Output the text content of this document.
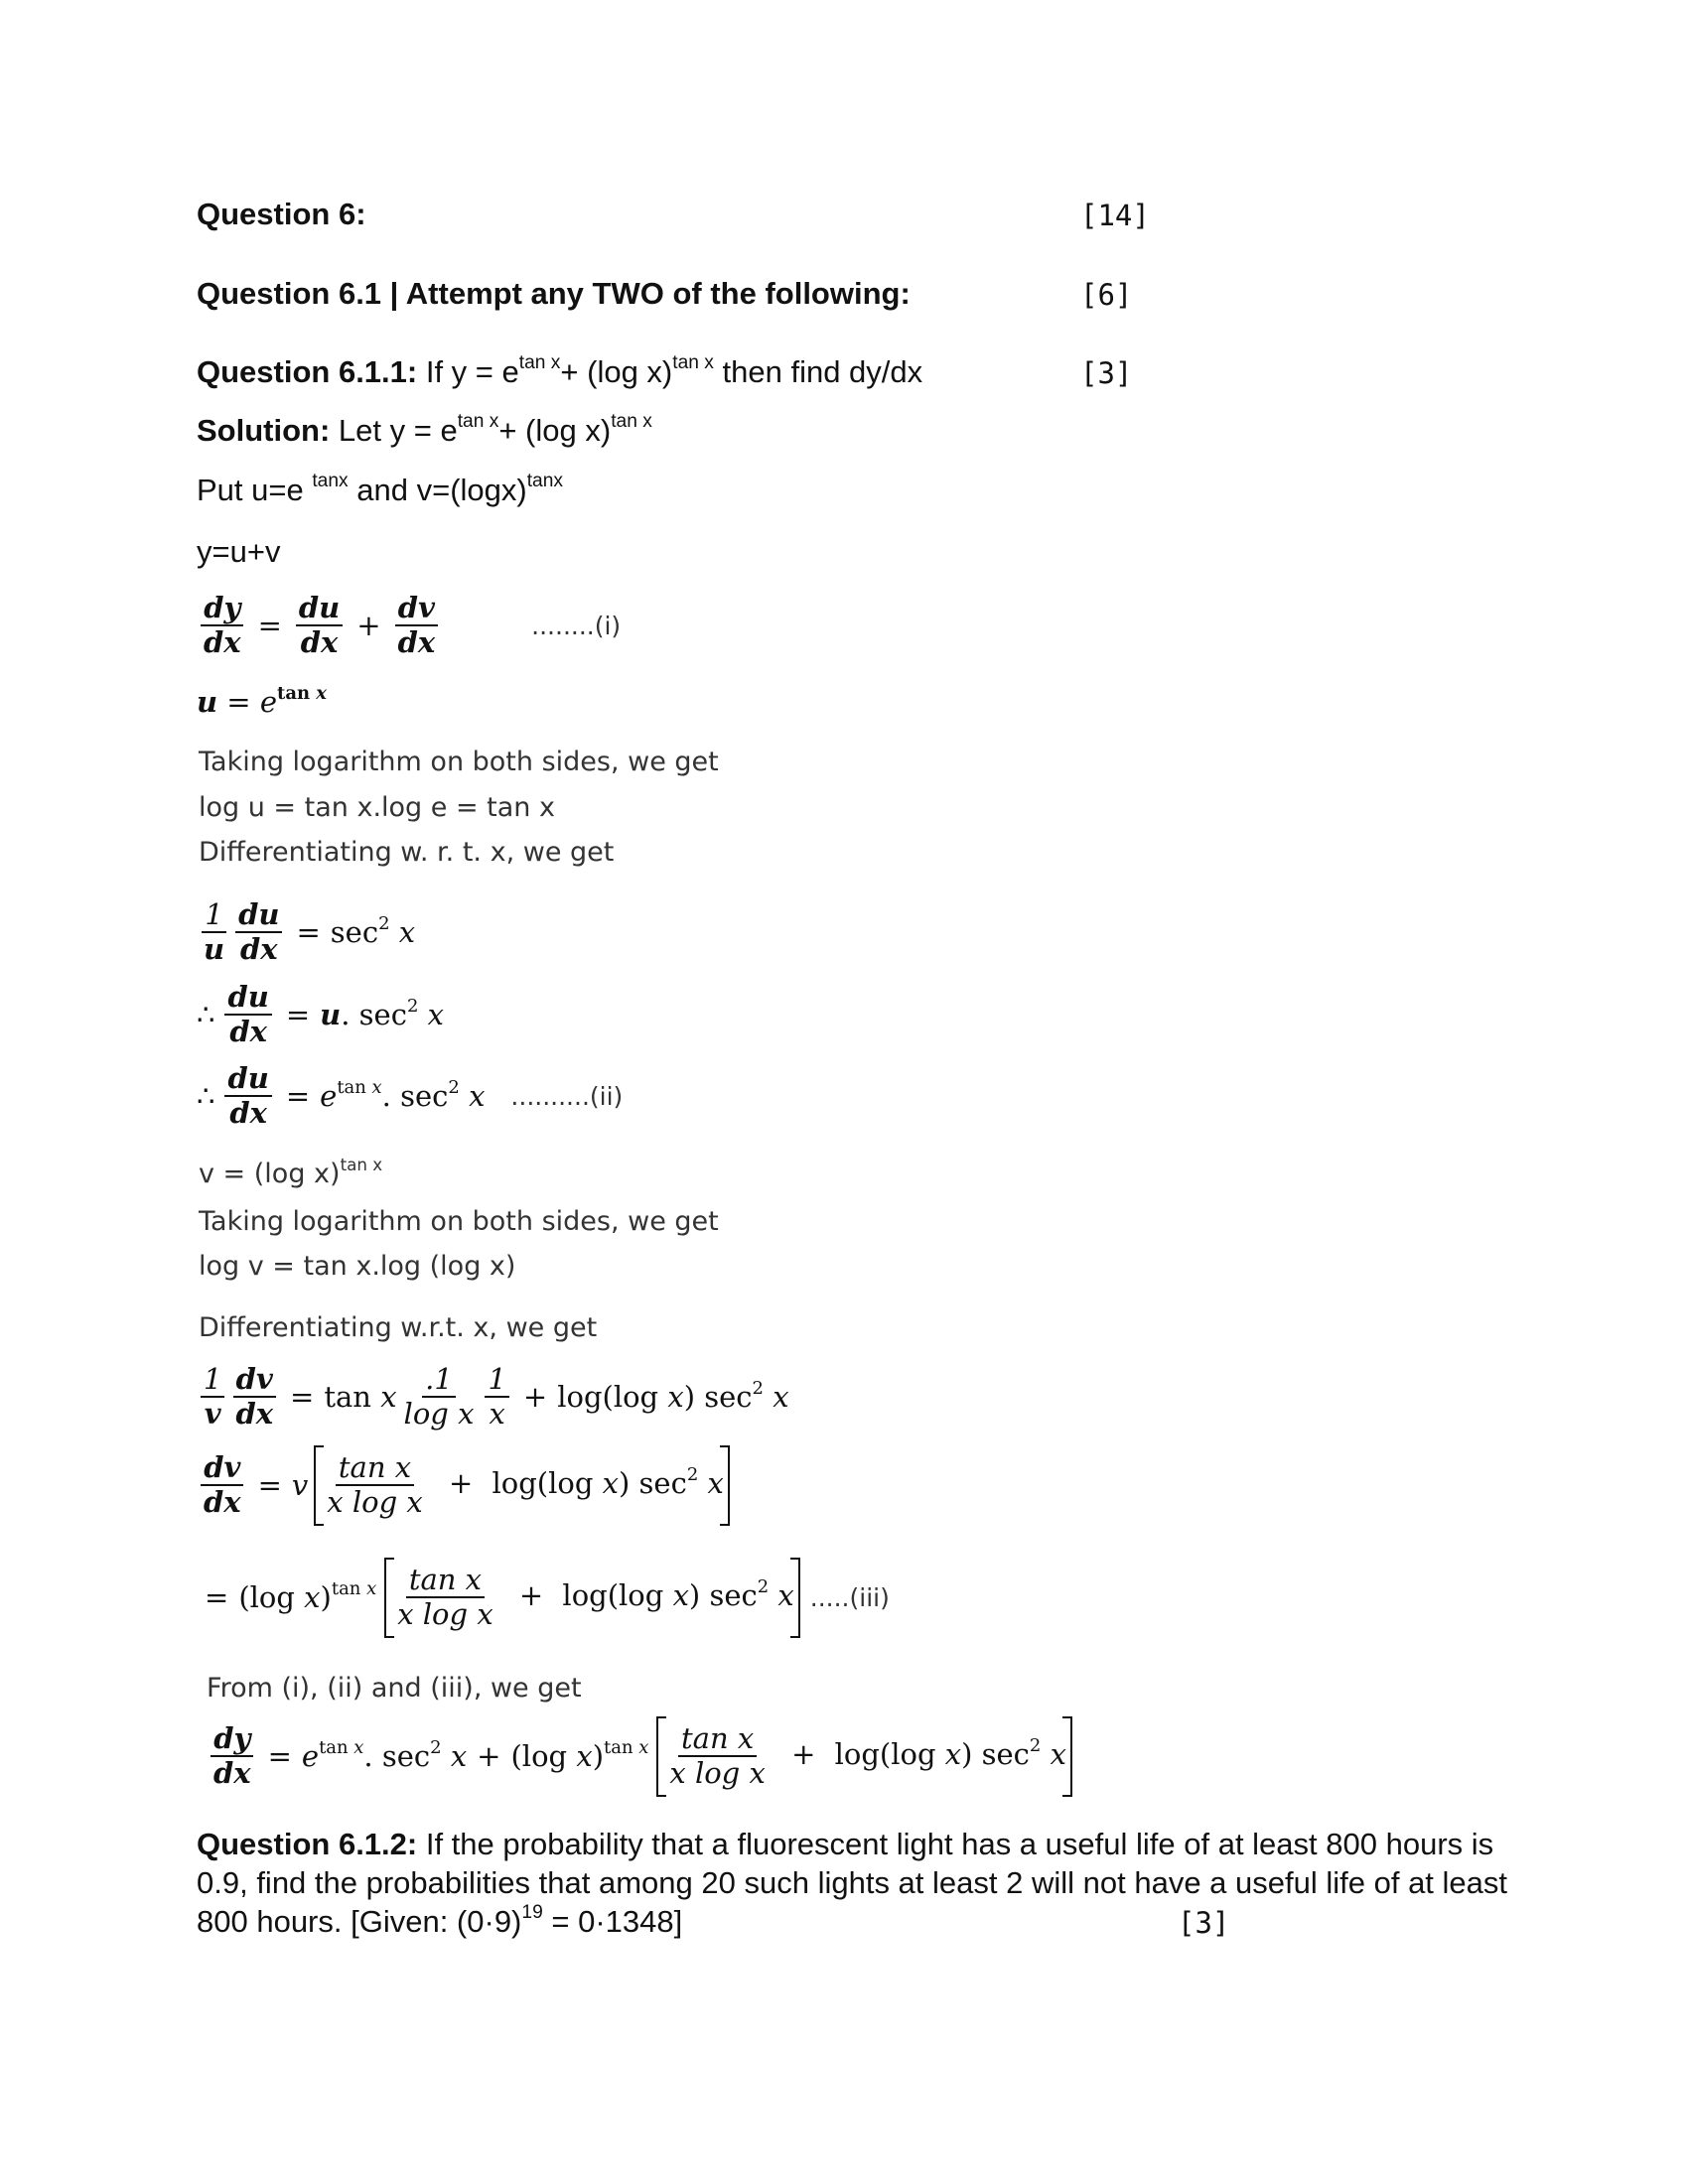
Question 6:	[14]
Question 6.1 | Attempt any TWO of the following:	[6]
Question 6.1.1: If $y = e^{tan x}+ (\log$ x)$^{tan x}$ then find dy/dx	[3]
Solution: Let $y = e^{tan x}+ (\log$ x)$^{tan x}$
Put u=e $^{tanx}$ and $v=(\log x)^{tanx}$
y=u+v
$\frac{dy}{dx} = \frac{du}{dx} + \frac{dv}{dx}$	........(i)
$u = e^{tan x}$
Taking logarithm on both sides, we get
log u = tan x.log e = tan x
Differentiating w. r. t. x, we get
$\frac{1}{u} \frac{du}{dx} = \sec^2 x$
∴ $\frac{du}{dx} = u$. $\sec^2 x$
∴ $\frac{du}{dx} = e^{tan x}$. $\sec^2 x$ ..........(ii)
v = (log x)$^{tan x}$
Taking logarithm on both sides, we get
log v = tan x.log (log x)
Differentiating w.r.t. x, we get
$\frac{1}{v} \frac{dv}{dx} = \tan x \frac{.1}{\text{log x}} \frac{1}{x} + \log(\log$ x) $\sec^2 x$
$\frac{dv}{dx} = v \frac{\text{tan x}}{\text{x log x}} + \log(\log$ x) $\sec^2 x$
= (log $x)^{tan x} \frac{\text{tan x}}{\text{x log x}} + \log(\log$ x) $\sec^2 x$ .....(iii)
From (i), (ii) and (iii), we get
$\frac{dy}{dx} = e^{tan x}$. $\sec^2 x + (\log$ $x)^{tan x} \frac{\text{tan x}}{\text{x log x}} + \log(\log$ x) $\sec^2 x$
Question 6.1.2: If the probability that a fluorescent light has a useful life of at least 800 hours is 0.9, find the probabilities that among 20 such lights at least 2 will not have a useful life of at least 800 hours. [Given: $(0\cdot 9)^{19} = 0\cdot 1348$]	[3]
